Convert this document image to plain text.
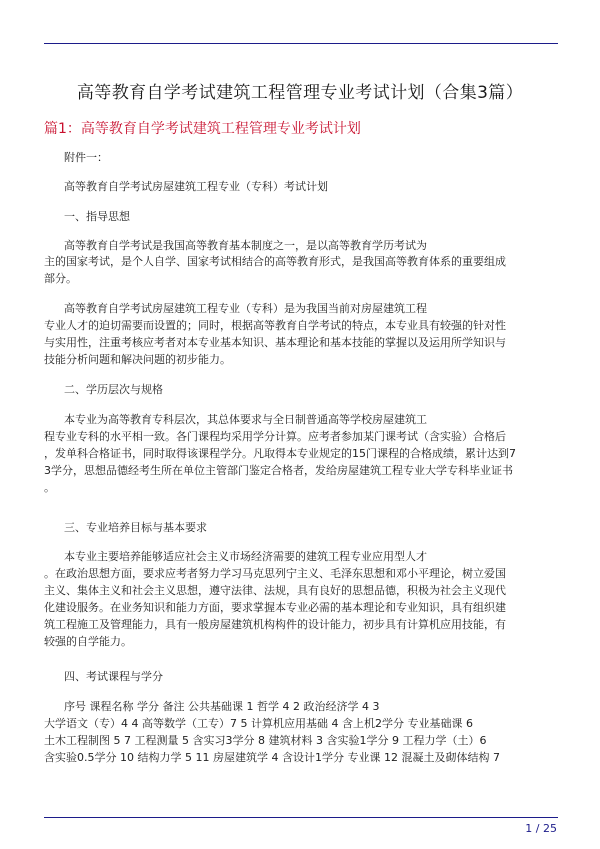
高等教育自学考试建筑工程管理专业考试计划（合集3篇）
篇1：高等教育自学考试建筑工程管理专业考试计划
附件一：
高等教育自学考试房屋建筑工程专业（专科）考试计划
一、指导思想
高等教育自学考试是我国高等教育基本制度之一，是以高等教育学历考试为
主的国家考试，是个人自学、国家考试相结合的高等教育形式，是我国高等教育体系的重要组成
部分。
高等教育自学考试房屋建筑工程专业（专科）是为我国当前对房屋建筑工程
专业人才的迫切需要而设置的；同时，根据高等教育自学考试的特点，本专业具有较强的针对性
与实用性，注重考核应考者对本专业基本知识、基本理论和基本技能的掌握以及运用所学知识与
技能分析问题和解决问题的初步能力。
二、学历层次与规格
本专业为高等教育专科层次，其总体要求与全日制普通高等学校房屋建筑工
程专业专科的水平相一致。各门课程均采用学分计算。应考者参加某门课考试（含实验）合格后
，发单科合格证书，同时取得该课程学分。凡取得本专业规定的15门课程的合格成绩，累计达到7
3学分，思想品德经考生所在单位主管部门鉴定合格者，发给房屋建筑工程专业大学专科毕业证书
。
三、专业培养目标与基本要求
本专业主要培养能够适应社会主义市场经济需要的建筑工程专业应用型人才
。在政治思想方面，要求应考者努力学习马克思列宁主义、毛泽东思想和邓小平理论，树立爱国
主义、集体主义和社会主义思想，遵守法律、法规，具有良好的思想品德，积极为社会主义现代
化建设服务。在业务知识和能力方面，要求掌握本专业必需的基本理论和专业知识，具有组织建
筑工程施工及管理能力，具有一般房屋建筑机构构件的设计能力，初步具有计算机应用技能，有
较强的自学能力。
四、考试课程与学分
序号 课程名称 学分 备注 公共基础课 1 哲学 4 2 政治经济学 4 3
大学语文（专）4 4 高等数学（工专）7 5 计算机应用基础 4 含上机2学分 专业基础课 6
土木工程制图 5 7 工程测量 5 含实习3学分 8 建筑材料 3 含实验1学分 9 工程力学（土）6
含实验0.5学分 10 结构力学 5 11 房屋建筑学 4 含设计1学分 专业课 12 混凝土及砌体结构 7
1 / 25
